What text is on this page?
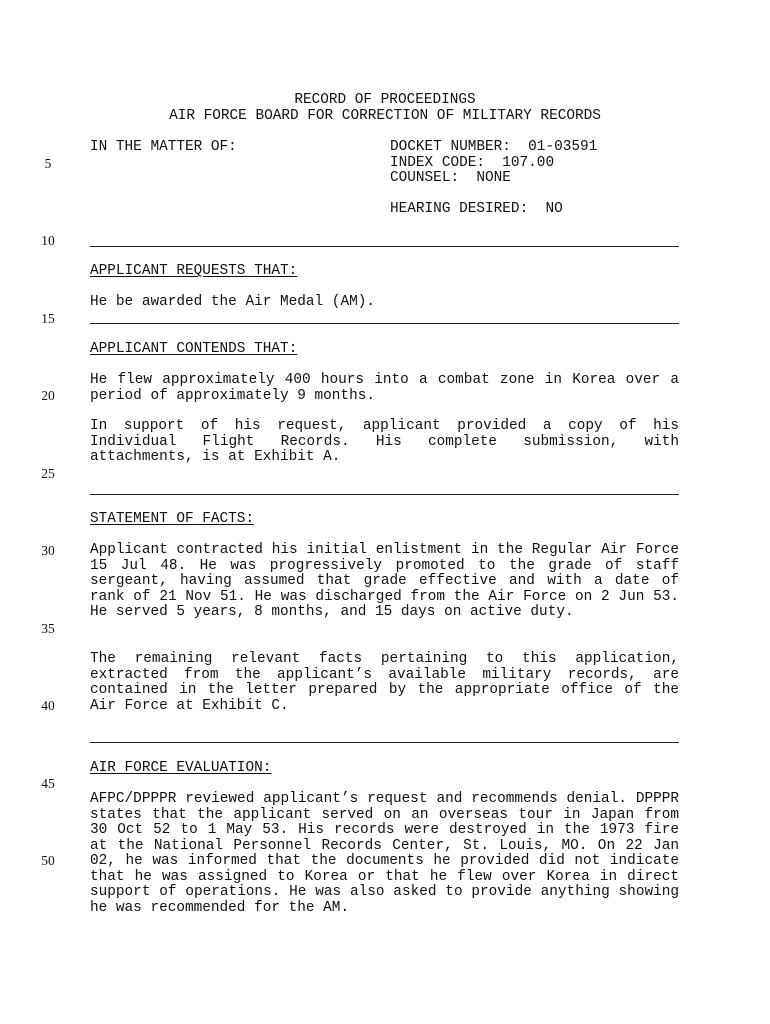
RECORD OF PROCEEDINGS
AIR FORCE BOARD FOR CORRECTION OF MILITARY RECORDS
IN THE MATTER OF:	DOCKET NUMBER:  01-03591
INDEX CODE:  107.00
COUNSEL:  NONE
HEARING DESIRED:  NO
5
10
15
20
25
30
35
40
45
50
APPLICANT REQUESTS THAT:
He be awarded the Air Medal (AM).
APPLICANT CONTENDS THAT:
He flew approximately 400 hours into a combat zone in Korea over a period of approximately 9 months.
In support of his request, applicant provided a copy of his Individual Flight Records. His complete submission, with attachments, is at Exhibit A.
STATEMENT OF FACTS:
Applicant contracted his initial enlistment in the Regular Air Force 15 Jul 48. He was progressively promoted to the grade of staff sergeant, having assumed that grade effective and with a date of rank of 21 Nov 51. He was discharged from the Air Force on 2 Jun 53. He served 5 years, 8 months, and 15 days on active duty.
The remaining relevant facts pertaining to this application, extracted from the applicant’s available military records, are contained in the letter prepared by the appropriate office of the Air Force at Exhibit C.
AIR FORCE EVALUATION:
AFPC/DPPPR reviewed applicant’s request and recommends denial. DPPPR states that the applicant served on an overseas tour in Japan from 30 Oct 52 to 1 May 53. His records were destroyed in the 1973 fire at the National Personnel Records Center, St. Louis, MO. On 22 Jan 02, he was informed that the documents he provided did not indicate that he was assigned to Korea or that he flew over Korea in direct support of operations. He was also asked to provide anything showing he was recommended for the AM.
